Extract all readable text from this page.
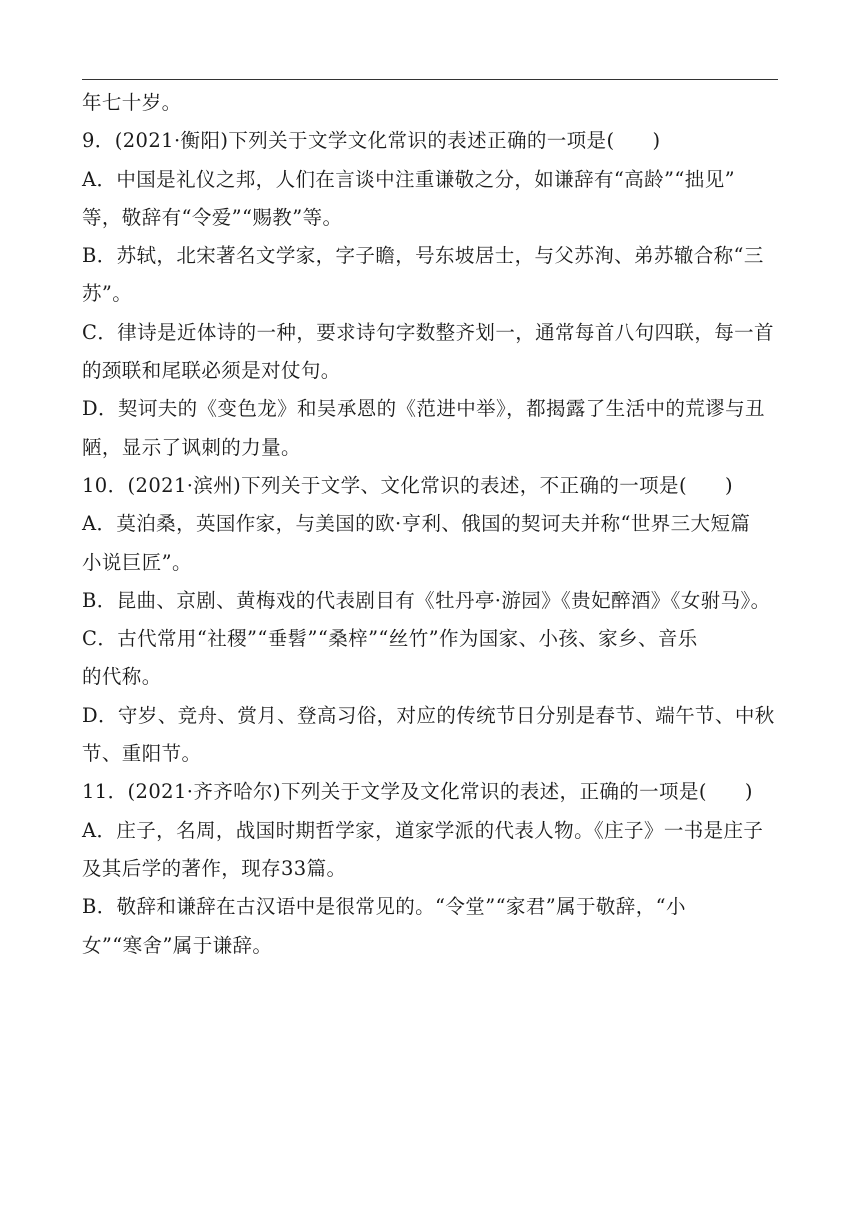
年七十岁。
9．(2021·衡阳)下列关于文学文化常识的表述正确的一项是( )
A．中国是礼仪之邦，人们在言谈中注重谦敬之分，如谦辞有“高龄”“拙见”
等，敬辞有“令爱”“赐教”等。
B．苏轼，北宋著名文学家，字子瞻，号东坡居士，与父苏洵、弟苏辙合称“三
苏”。
C．律诗是近体诗的一种，要求诗句字数整齐划一，通常每首八句四联，每一首
的颈联和尾联必须是对仗句。
D．契诃夫的《变色龙》和吴承恩的《范进中举》，都揭露了生活中的荒谬与丑
陋，显示了讽刺的力量。
10．(2021·滨州)下列关于文学、文化常识的表述，不正确的一项是( )
A．莫泊桑，英国作家，与美国的欧·亨利、俄国的契诃夫并称“世界三大短篇
小说巨匠”。
B．昆曲、京剧、黄梅戏的代表剧目有《牡丹亭·游园》《贵妃醉酒》《女驸马》。
C．古代常用“社稷”“垂髫”“桑梓”“丝竹”作为国家、小孩、家乡、音乐
的代称。
D．守岁、竞舟、赏月、登高习俗，对应的传统节日分别是春节、端午节、中秋
节、重阳节。
11．(2021·齐齐哈尔)下列关于文学及文化常识的表述，正确的一项是( )
A．庄子，名周，战国时期哲学家，道家学派的代表人物。《庄子》一书是庄子
及其后学的著作，现存33篇。
B．敬辞和谦辞在古汉语中是很常见的。“令堂”“家君”属于敬辞，“小
女”“寒舍”属于谦辞。
